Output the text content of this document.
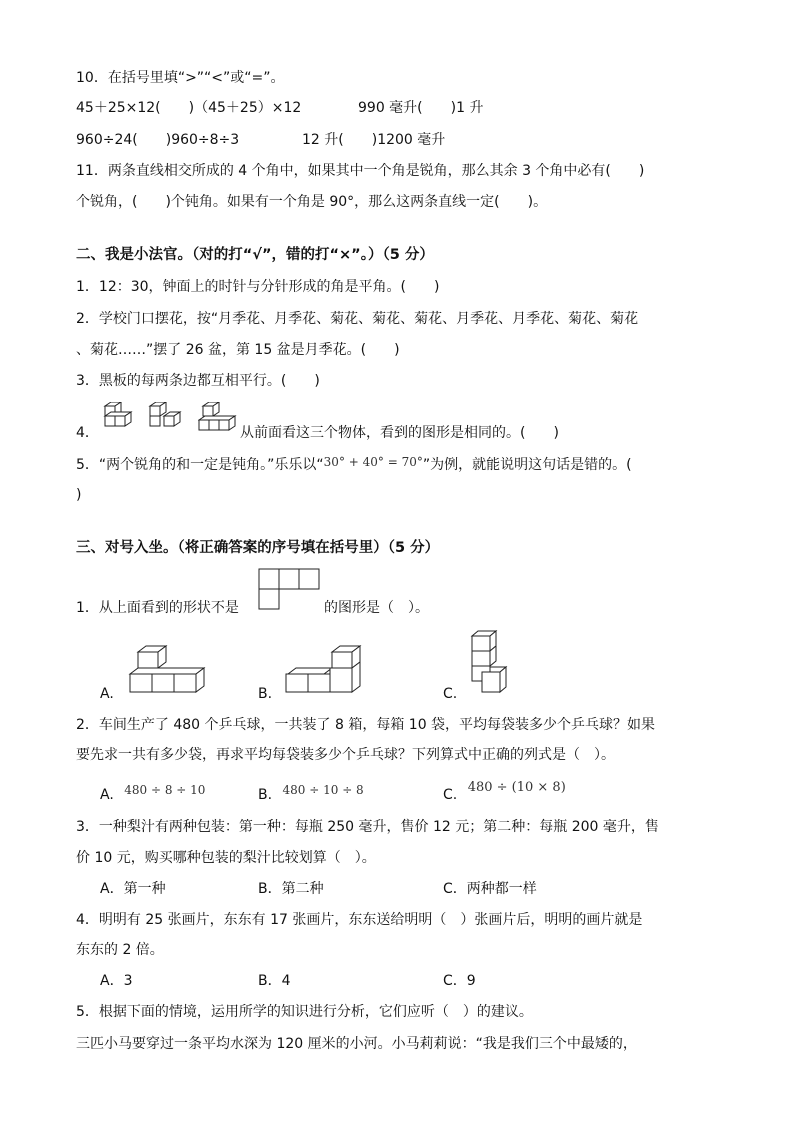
10．在括号里填“>”“<”或“=”。
45＋25×12(　　)（45＋25）×12	990 毫升(　　)1 升
960÷24(　　)960÷8÷3	12 升(　　)1200 毫升
11．两条直线相交所成的 4 个角中，如果其中一个角是锐角，那么其余 3 个角中必有(　　)
个锐角，(　　)个钝角。如果有一个角是 90°，那么这两条直线一定(　　)。
二、我是小法官。（对的打“√”，错的打“×”。）（5 分）
1．12：30，钟面上的时针与分针形成的角是平角。(　　)
2．学校门口摆花，按“月季花、月季花、菊花、菊花、菊花、月季花、月季花、菊花、菊花
、菊花……”摆了 26 盆，第 15 盆是月季花。(　　)
3．黑板的每两条边都互相平行。(　　)
4．	从前面看这三个物体，看到的图形是相同的。(　　)
5．“两个锐角的和一定是钝角。”乐乐以“30° + 40° = 70°”为例，就能说明这句话是错的。(
)
三、对号入坐。（将正确答案的序号填在括号里）（5 分）
1．从上面看到的形状不是	的图形是（　）。
A.	B.	C.
2．车间生产了 480 个乒乓球，一共装了 8 箱，每箱 10 袋，平均每袋装多少个乒乓球？如果
要先求一共有多少袋，再求平均每袋装多少个乒乓球？下列算式中正确的列式是（　）。
A. 480 ÷ 8 ÷ 10	B. 480 ÷ 10 ÷ 8	C. 480 ÷ (10 × 8)
3．一种梨汁有两种包装：第一种：每瓶 250 毫升，售价 12 元；第二种：每瓶 200 毫升，售
价 10 元，购买哪种包装的梨汁比较划算（　）。
A．第一种	B．第二种	C．两种都一样
4．明明有 25 张画片，东东有 17 张画片，东东送给明明（　）张画片后，明明的画片就是
东东的 2 倍。
A．3	B．4	C．9
5．根据下面的情境，运用所学的知识进行分析，它们应听（　）的建议。
三匹小马要穿过一条平均水深为 120 厘米的小河。小马莉莉说：“我是我们三个中最矮的，
